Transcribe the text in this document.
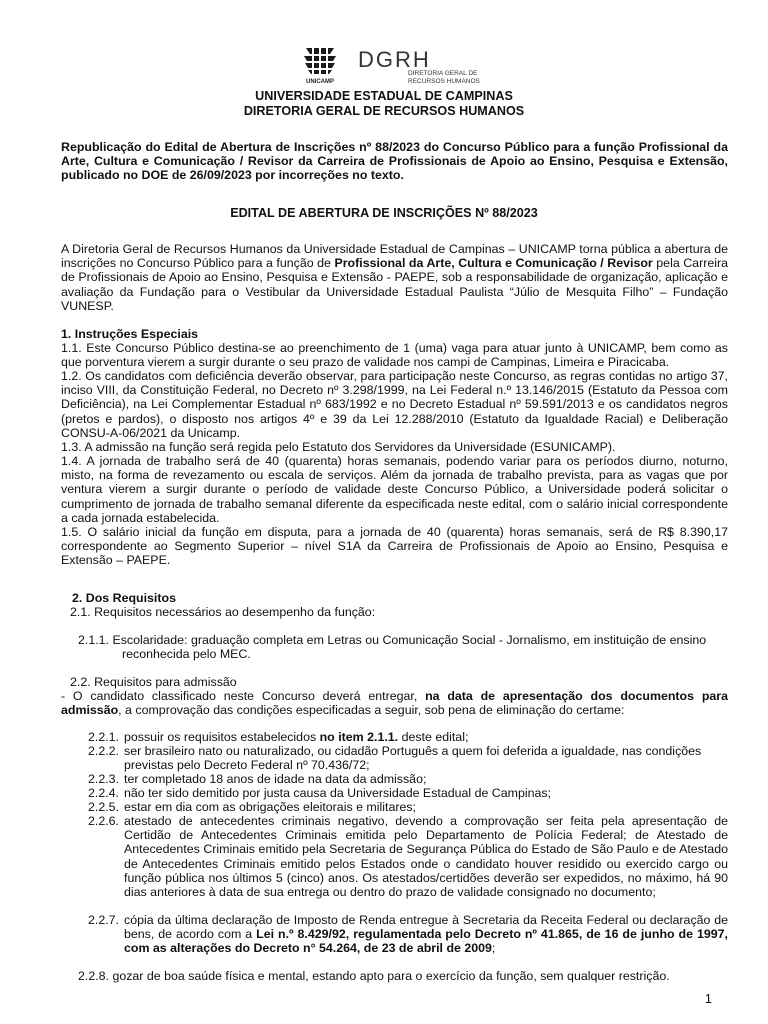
UNICAMP
DGRH
DIRETORIA GERAL DE
RECURSOS HUMANOS
UNIVERSIDADE ESTADUAL DE CAMPINAS
DIRETORIA GERAL DE RECURSOS HUMANOS
Republicação do Edital de Abertura de Inscrições nº 88/2023 do Concurso Público para a função Profissional da Arte, Cultura e Comunicação / Revisor da Carreira de Profissionais de Apoio ao Ensino, Pesquisa e Extensão, publicado no DOE de 26/09/2023 por incorreções no texto.
EDITAL DE ABERTURA DE INSCRIÇÕES Nº 88/2023
A Diretoria Geral de Recursos Humanos da Universidade Estadual de Campinas – UNICAMP torna pública a abertura de inscrições no Concurso Público para a função de Profissional da Arte, Cultura e Comunicação / Revisor pela Carreira de Profissionais de Apoio ao Ensino, Pesquisa e Extensão - PAEPE, sob a responsabilidade de organização, aplicação e avaliação da Fundação para o Vestibular da Universidade Estadual Paulista “Júlio de Mesquita Filho” – Fundação VUNESP.
1. Instruções Especiais
1.1. Este Concurso Público destina-se ao preenchimento de 1 (uma) vaga para atuar junto à UNICAMP, bem como as que porventura vierem a surgir durante o seu prazo de validade nos campi de Campinas, Limeira e Piracicaba.
1.2. Os candidatos com deficiência deverão observar, para participação neste Concurso, as regras contidas no artigo 37, inciso VIII, da Constituição Federal, no Decreto nº 3.298/1999, na Lei Federal n.º 13.146/2015 (Estatuto da Pessoa com Deficiência), na Lei Complementar Estadual nº 683/1992 e no Decreto Estadual nº 59.591/2013 e os candidatos negros (pretos e pardos), o disposto nos artigos 4º e 39 da Lei 12.288/2010 (Estatuto da Igualdade Racial) e Deliberação CONSU-A-06/2021 da Unicamp.
1.3. A admissão na função será regida pelo Estatuto dos Servidores da Universidade (ESUNICAMP).
1.4. A jornada de trabalho será de 40 (quarenta) horas semanais, podendo variar para os períodos diurno, noturno, misto, na forma de revezamento ou escala de serviços. Além da jornada de trabalho prevista, para as vagas que por ventura vierem a surgir durante o período de validade deste Concurso Público, a Universidade poderá solicitar o cumprimento de jornada de trabalho semanal diferente da especificada neste edital, com o salário inicial correspondente a cada jornada estabelecida.
1.5. O salário inicial da função em disputa, para a jornada de 40 (quarenta) horas semanais, será de R$ 8.390,17 correspondente ao Segmento Superior – nível S1A da Carreira de Profissionais de Apoio ao Ensino, Pesquisa e Extensão – PAEPE.
2. Dos Requisitos
2.1. Requisitos necessários ao desempenho da função:
2.1.1. Escolaridade: graduação completa em Letras ou Comunicação Social - Jornalismo, em instituição de ensino
reconhecida pelo MEC.
2.2. Requisitos para admissão
- O candidato classificado neste Concurso deverá entregar, na data de apresentação dos documentos para admissão, a comprovação das condições especificadas a seguir, sob pena de eliminação do certame:
2.2.1. possuir os requisitos estabelecidos no item 2.1.1. deste edital;
2.2.2. ser brasileiro nato ou naturalizado, ou cidadão Português a quem foi deferida a igualdade, nas condições
previstas pelo Decreto Federal nº 70.436/72;
2.2.3. ter completado 18 anos de idade na data da admissão;
2.2.4. não ter sido demitido por justa causa da Universidade Estadual de Campinas;
2.2.5. estar em dia com as obrigações eleitorais e militares;
2.2.6. atestado de antecedentes criminais negativo, devendo a comprovação ser feita pela apresentação de Certidão de Antecedentes Criminais emitida pelo Departamento de Polícia Federal; de Atestado de Antecedentes Criminais emitido pela Secretaria de Segurança Pública do Estado de São Paulo e de Atestado de Antecedentes Criminais emitido pelos Estados onde o candidato houver residido ou exercido cargo ou função pública nos últimos 5 (cinco) anos. Os atestados/certidões deverão ser expedidos, no máximo, há 90 dias anteriores à data de sua entrega ou dentro do prazo de validade consignado no documento;
2.2.7. cópia da última declaração de Imposto de Renda entregue à Secretaria da Receita Federal ou declaração de bens, de acordo com a Lei n.º 8.429/92, regulamentada pelo Decreto nº 41.865, de 16 de junho de 1997, com as alterações do Decreto n° 54.264, de 23 de abril de 2009;
2.2.8. gozar de boa saúde física e mental, estando apto para o exercício da função, sem qualquer restrição.
1
